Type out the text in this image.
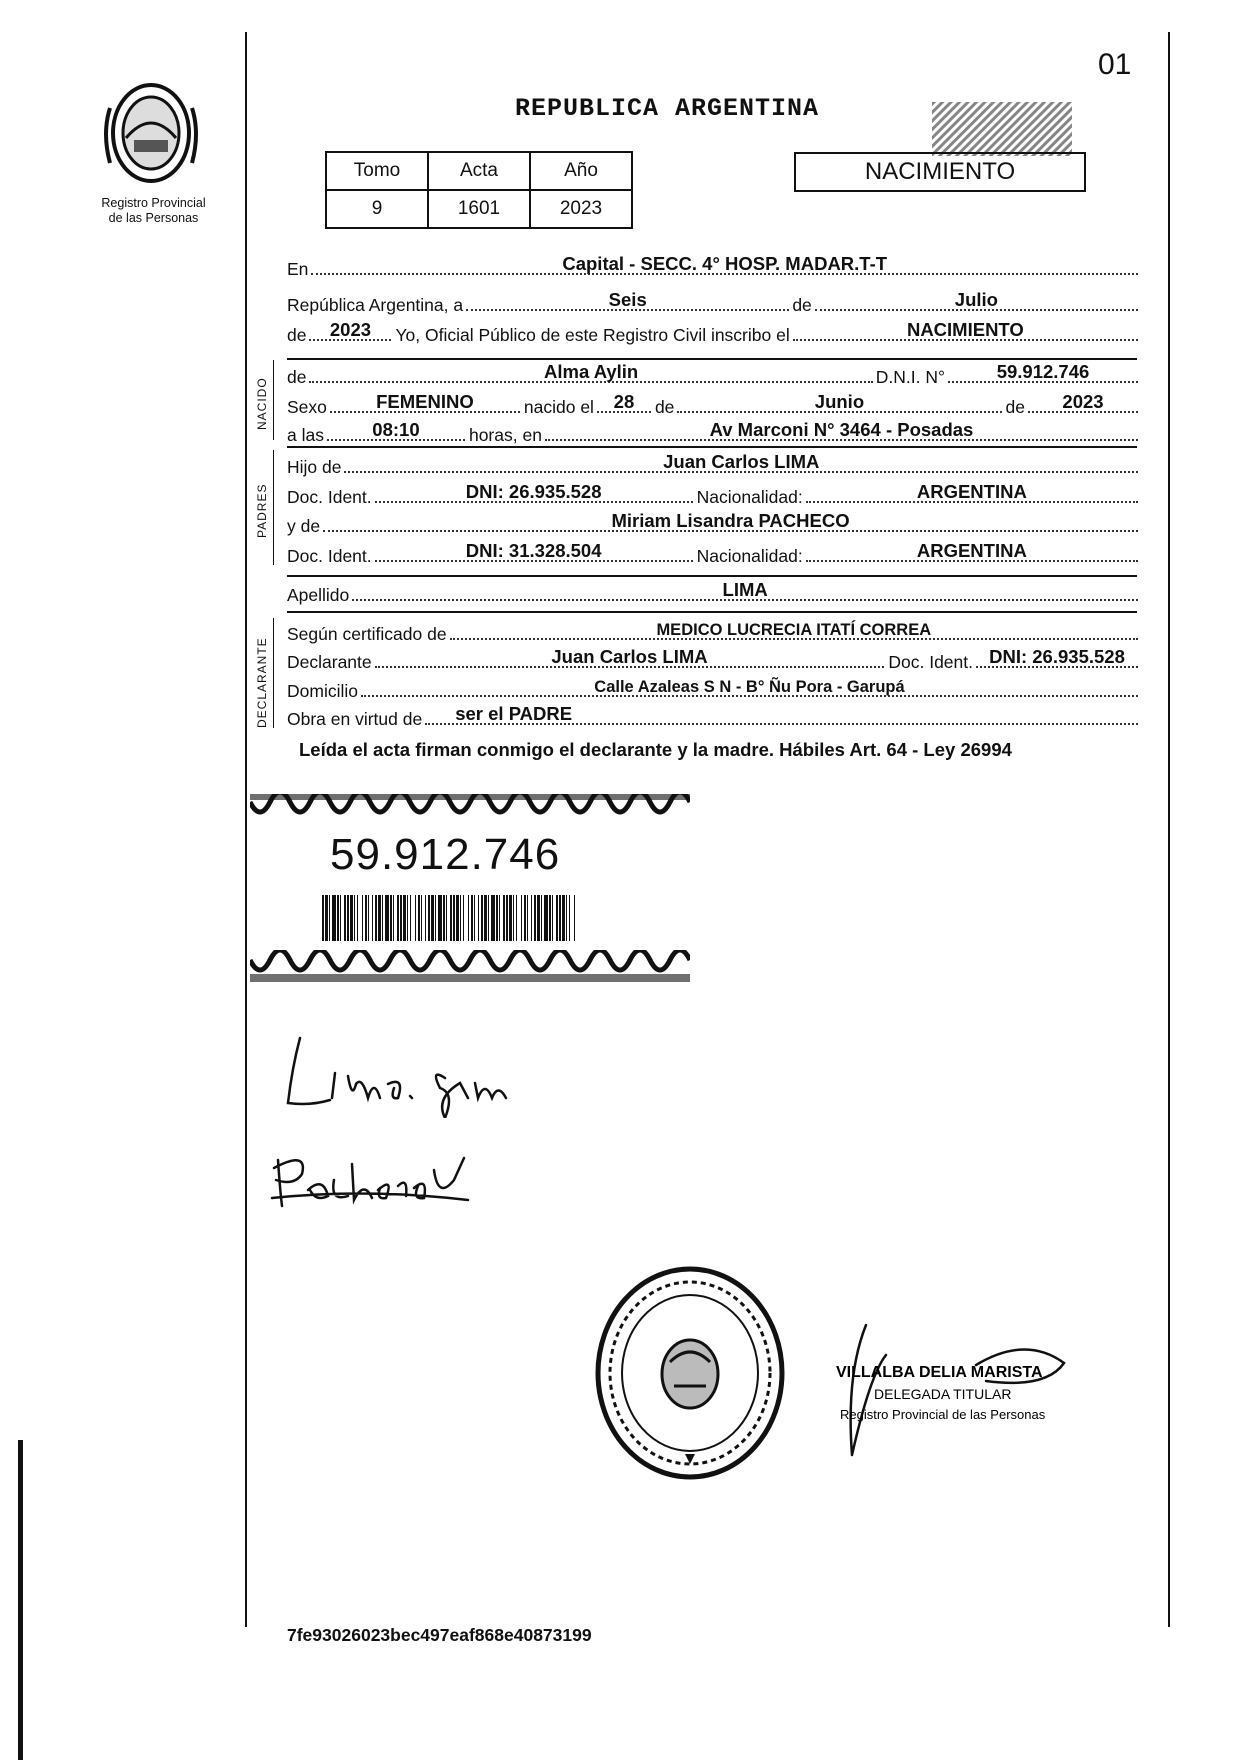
Registro Provincial
de las Personas
01
REPUBLICA ARGENTINA
Tomo	Acta	Año
9	1601	2023
NACIMIENTO
En	Capital - SECC. 4° HOSP. MADAR.T-T
República Argentina, a	Seis	de	Julio
de	2023	Yo, Oficial Público de este Registro Civil inscribo el	NACIMIENTO
NACIDO
de	Alma Aylin	D.N.I. N°	59.912.746
Sexo	FEMENINO	nacido el	28	de	Junio	de	2023
a las	08:10	horas, en	Av Marconi N° 3464 - Posadas
PADRES
Hijo de	Juan Carlos LIMA
Doc. Ident.	DNI: 26.935.528	Nacionalidad:	ARGENTINA
y de	Miriam Lisandra PACHECO
Doc. Ident.	DNI: 31.328.504	Nacionalidad:	ARGENTINA
Apellido	LIMA
DECLARANTE
Según certificado de	MEDICO LUCRECIA ITATÍ CORREA
Declarante	Juan Carlos LIMA	Doc. Ident. DNI: 26.935.528
Domicilio	Calle Azaleas S N - B° Ñu Pora - Garupá
Obra en virtud de	ser el PADRE
Leída el acta firman conmigo el declarante y la madre. Hábiles Art. 64 - Ley 26994
59.912.746
VILLALBA DELIA MARISTA
DELEGADA TITULAR
Registro Provincial de las Personas
7fe93026023bec497eaf868e40873199
